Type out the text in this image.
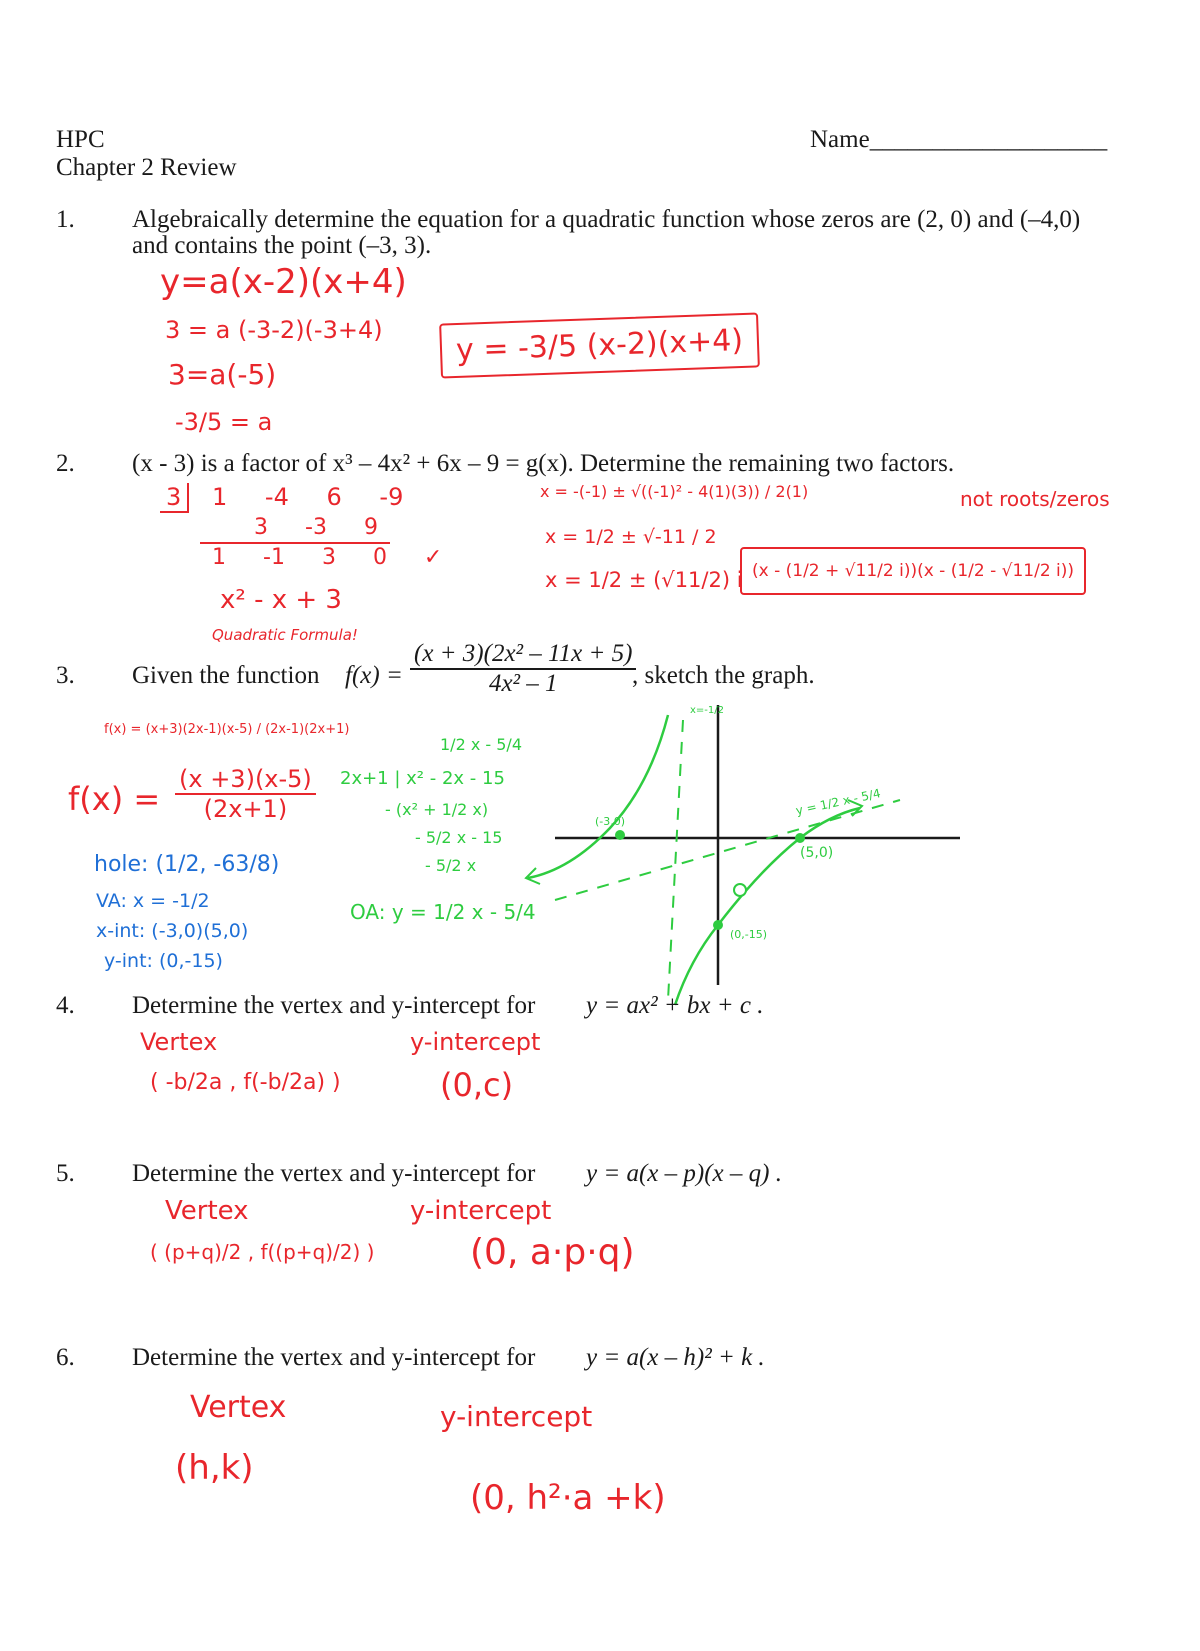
HPC
Chapter 2 Review
Name___________________
1. Algebraically determine the equation for a quadratic function whose zeros are (2, 0) and (–4,0)
and contains the point (–3, 3).
y=a(x-2)(x+4)
3 = a (-3-2)(-3+4)
3=a(-5)
-3/5 = a
y = -3/5 (x-2)(x+4)
2. (x - 3) is a factor of x³ – 4x² + 6x – 9 = g(x). Determine the remaining two factors.
3	1 -4 6 -9
3 -3 9
1 -1 3 0 ✓
x² - x + 3
Quadratic Formula!
x = -(-1) ± √((-1)² - 4(1)(3)) / 2(1)
x = 1/2 ± √-11 / 2
x = 1/2 ± (√11/2) i
not roots/zeros
(x - (1/2 + √11/2 i))(x - (1/2 - √11/2 i))
3. Given the function $f(x) = \frac{\text{(x + 3)(2x² – 11x + 5)}}{\text{4x² – 1}}$
, sketch the graph.
f(x) = (x+3)(2x-1)(x-5) / (2x-1)(2x+1)
$f(x) = \frac{(x +3)(x-5)}{(2x+1)}$
hole: (1/2, -63/8)
VA: x = -1/2
x-int: (-3,0)(5,0)
y-int: (0,-15)
1/2 x - 5/4
2x+1 | x² - 2x - 15
- (x² + 1/2 x)
- 5/2 x - 15
- 5/2 x
OA: y = 1/2 x - 5/4
x=-1/2
y = 1/2 x - 5/4
(-3,0)
(5,0)
(0,-15)
4. Determine the vertex and y-intercept for y = ax² + bx + c .
Vertex
( -b/2a , f(-b/2a) )
y-intercept
(0,c)
5. Determine the vertex and y-intercept for y = a(x – p)(x – q) .
Vertex
( (p+q)/2 , f((p+q)/2) )
y-intercept
(0, a·p·q)
6. Determine the vertex and y-intercept for y = a(x – h)² + k .
Vertex
(h,k)
y-intercept
(0, h²·a +k)
